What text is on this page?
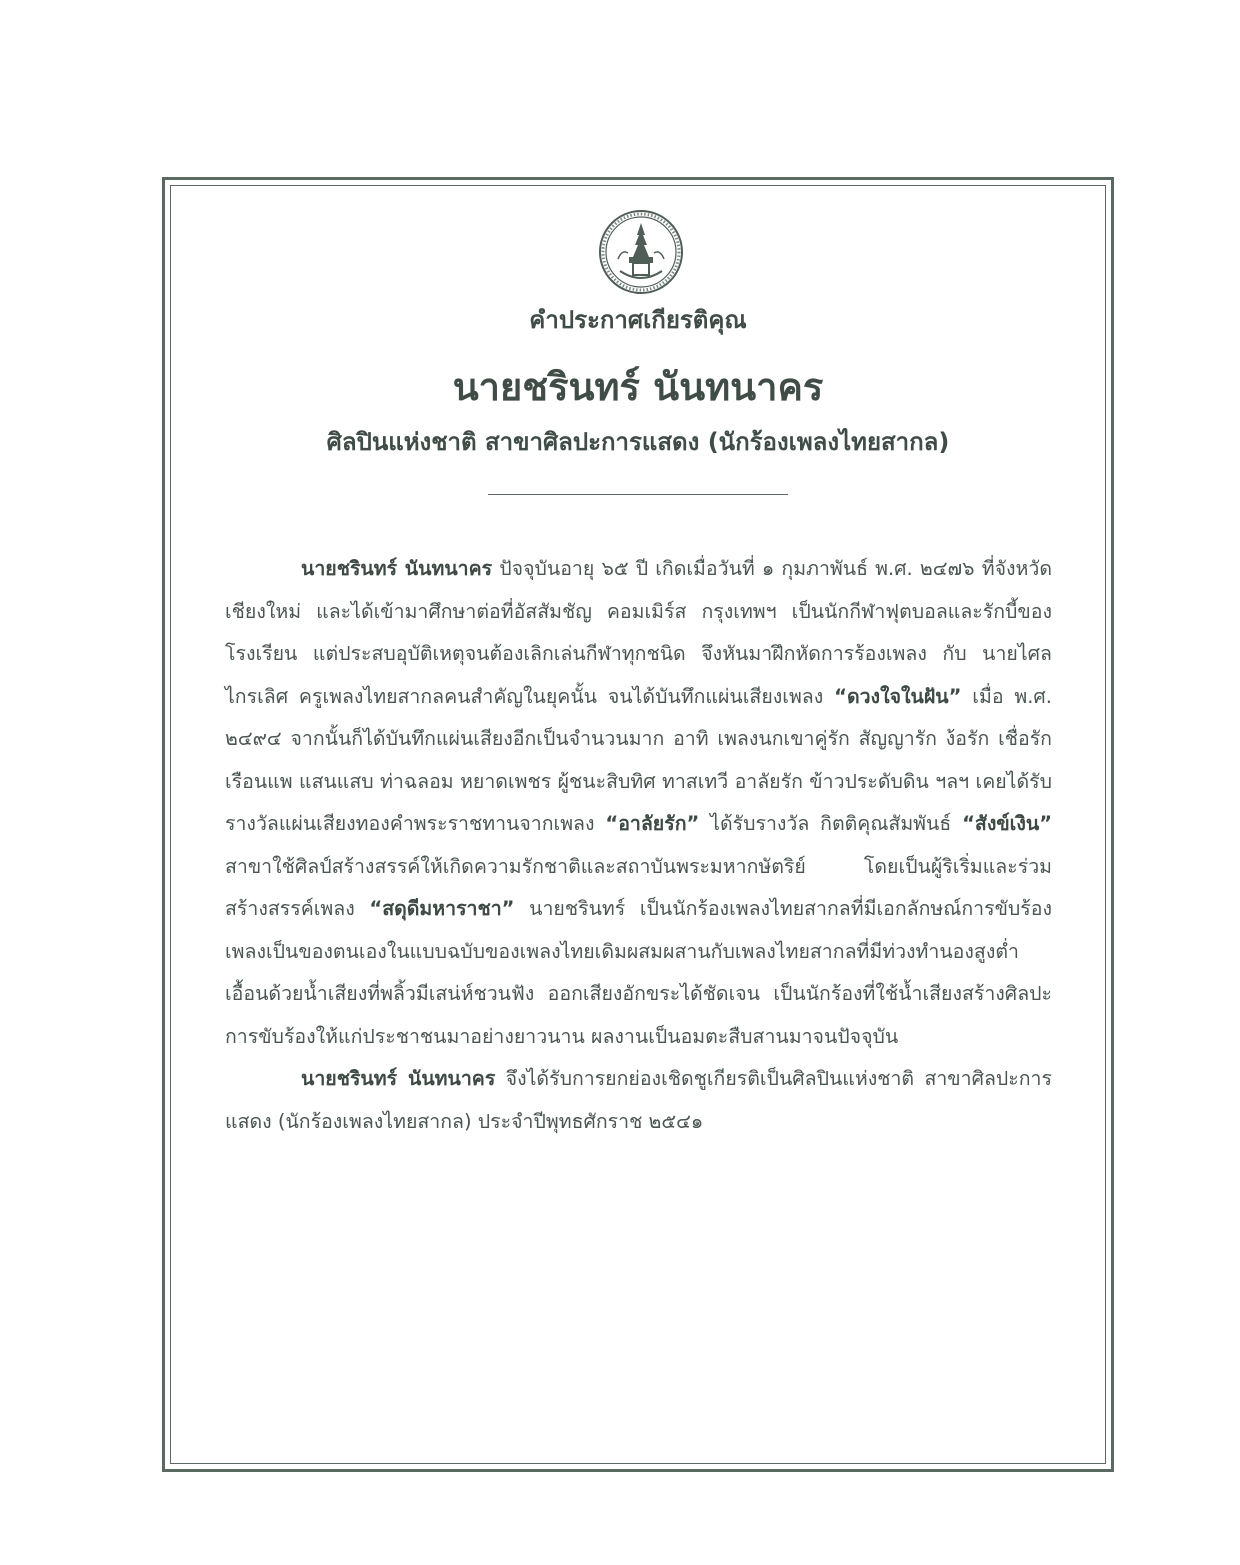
คำประกาศเกียรติคุณ
นายชรินทร์ นันทนาคร
ศิลปินแห่งชาติ สาขาศิลปะการแสดง (นักร้องเพลงไทยสากล)

นายชรินทร์ นันทนาคร ปัจจุบันอายุ ๖๕ ปี เกิดเมื่อวันที่ ๑ กุมภาพันธ์ พ.ศ. ๒๔๗๖ ที่จังหวัดเชียงใหม่ และได้เข้ามาศึกษาต่อที่อัสสัมชัญ คอมเมิร์ส กรุงเทพฯ เป็นนักกีฬาฟุตบอลและรักบี้ของโรงเรียน แต่ประสบอุบัติเหตุจนต้องเลิกเล่นกีฬาทุกชนิด จึงหันมาฝึกหัดการร้องเพลง กับ นายไศล ไกรเลิศ ครูเพลงไทยสากลคนสำคัญในยุคนั้น จนได้บันทึกแผ่นเสียงเพลง “ดวงใจในฝัน” เมื่อ พ.ศ. ๒๔๙๔ จากนั้นก็ได้บันทึกแผ่นเสียงอีกเป็นจำนวนมาก อาทิ เพลงนกเขาคู่รัก สัญญารัก ง้อรัก เชื่อรัก เรือนแพ แสนแสบ ท่าฉลอม หยาดเพชร ผู้ชนะสิบทิศ ทาสเทวี อาลัยรัก ข้าวประดับดิน ฯลฯ เคยได้รับรางวัลแผ่นเสียงทองคำพระราชทานจากเพลง “อาลัยรัก” ได้รับรางวัล กิตติคุณสัมพันธ์ “สังข์เงิน” สาขาใช้ศิลป์สร้างสรรค์ให้เกิดความรักชาติและสถาบันพระมหากษัตริย์ โดยเป็นผู้ริเริ่มและร่วมสร้างสรรค์เพลง “สดุดีมหาราชา” นายชรินทร์ เป็นนักร้องเพลงไทยสากลที่มีเอกลักษณ์การขับร้องเพลงเป็นของตนเองในแบบฉบับของเพลงไทยเดิมผสมผสานกับเพลงไทยสากลที่มีท่วงทำนองสูงต่ำ เอื้อนด้วยน้ำเสียงที่พลิ้วมีเสน่ห์ชวนฟัง ออกเสียงอักขระได้ชัดเจน เป็นนักร้องที่ใช้น้ำเสียงสร้างศิลปะการขับร้องให้แก่ประชาชนมาอย่างยาวนาน ผลงานเป็นอมตะสืบสานมาจนปัจจุบัน

นายชรินทร์ นันทนาคร จึงได้รับการยกย่องเชิดชูเกียรติเป็นศิลปินแห่งชาติ สาขาศิลปะการแสดง (นักร้องเพลงไทยสากล) ประจำปีพุทธศักราช ๒๕๔๑
